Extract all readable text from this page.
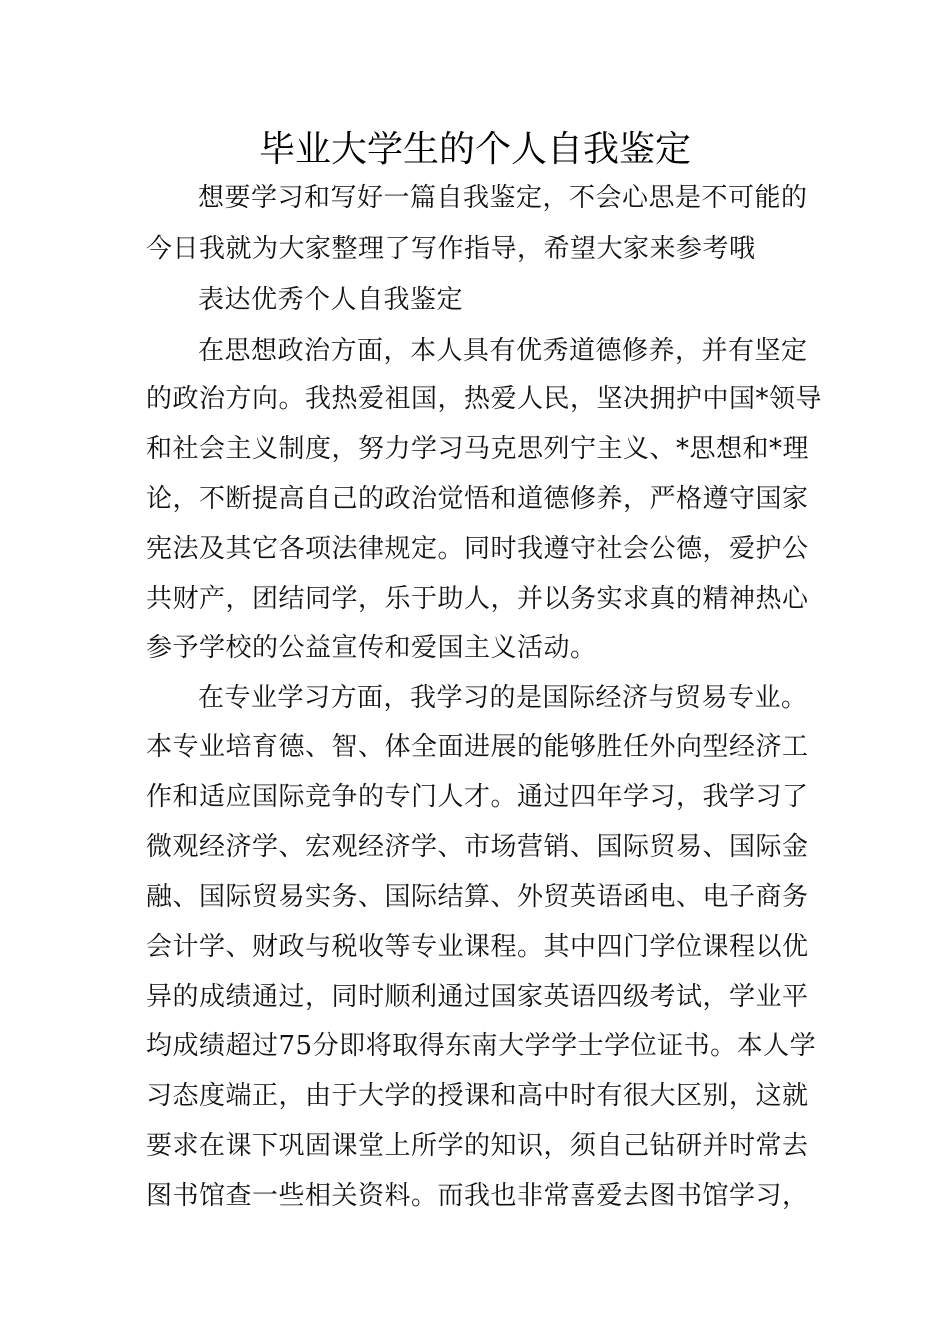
毕业大学生的个人自我鉴定
想要学习和写好一篇自我鉴定，不会心思是不可能的
今日我就为大家整理了写作指导，希望大家来参考哦
表达优秀个人自我鉴定
在思想政治方面，本人具有优秀道德修养，并有坚定
的政治方向。我热爱祖国，热爱人民，坚决拥护中国*领导
和社会主义制度，努力学习马克思列宁主义、*思想和*理
论，不断提高自己的政治觉悟和道德修养，严格遵守国家
宪法及其它各项法律规定。同时我遵守社会公德，爱护公
共财产，团结同学，乐于助人，并以务实求真的精神热心
参予学校的公益宣传和爱国主义活动。
在专业学习方面，我学习的是国际经济与贸易专业。
本专业培育德、智、体全面进展的能够胜任外向型经济工
作和适应国际竞争的专门人才。通过四年学习，我学习了
微观经济学、宏观经济学、市场营销、国际贸易、国际金
融、国际贸易实务、国际结算、外贸英语函电、电子商务
会计学、财政与税收等专业课程。其中四门学位课程以优
异的成绩通过，同时顺利通过国家英语四级考试，学业平
均成绩超过75分即将取得东南大学学士学位证书。本人学
习态度端正，由于大学的授课和高中时有很大区别，这就
要求在课下巩固课堂上所学的知识，须自己钻研并时常去
图书馆查一些相关资料。而我也非常喜爱去图书馆学习，
